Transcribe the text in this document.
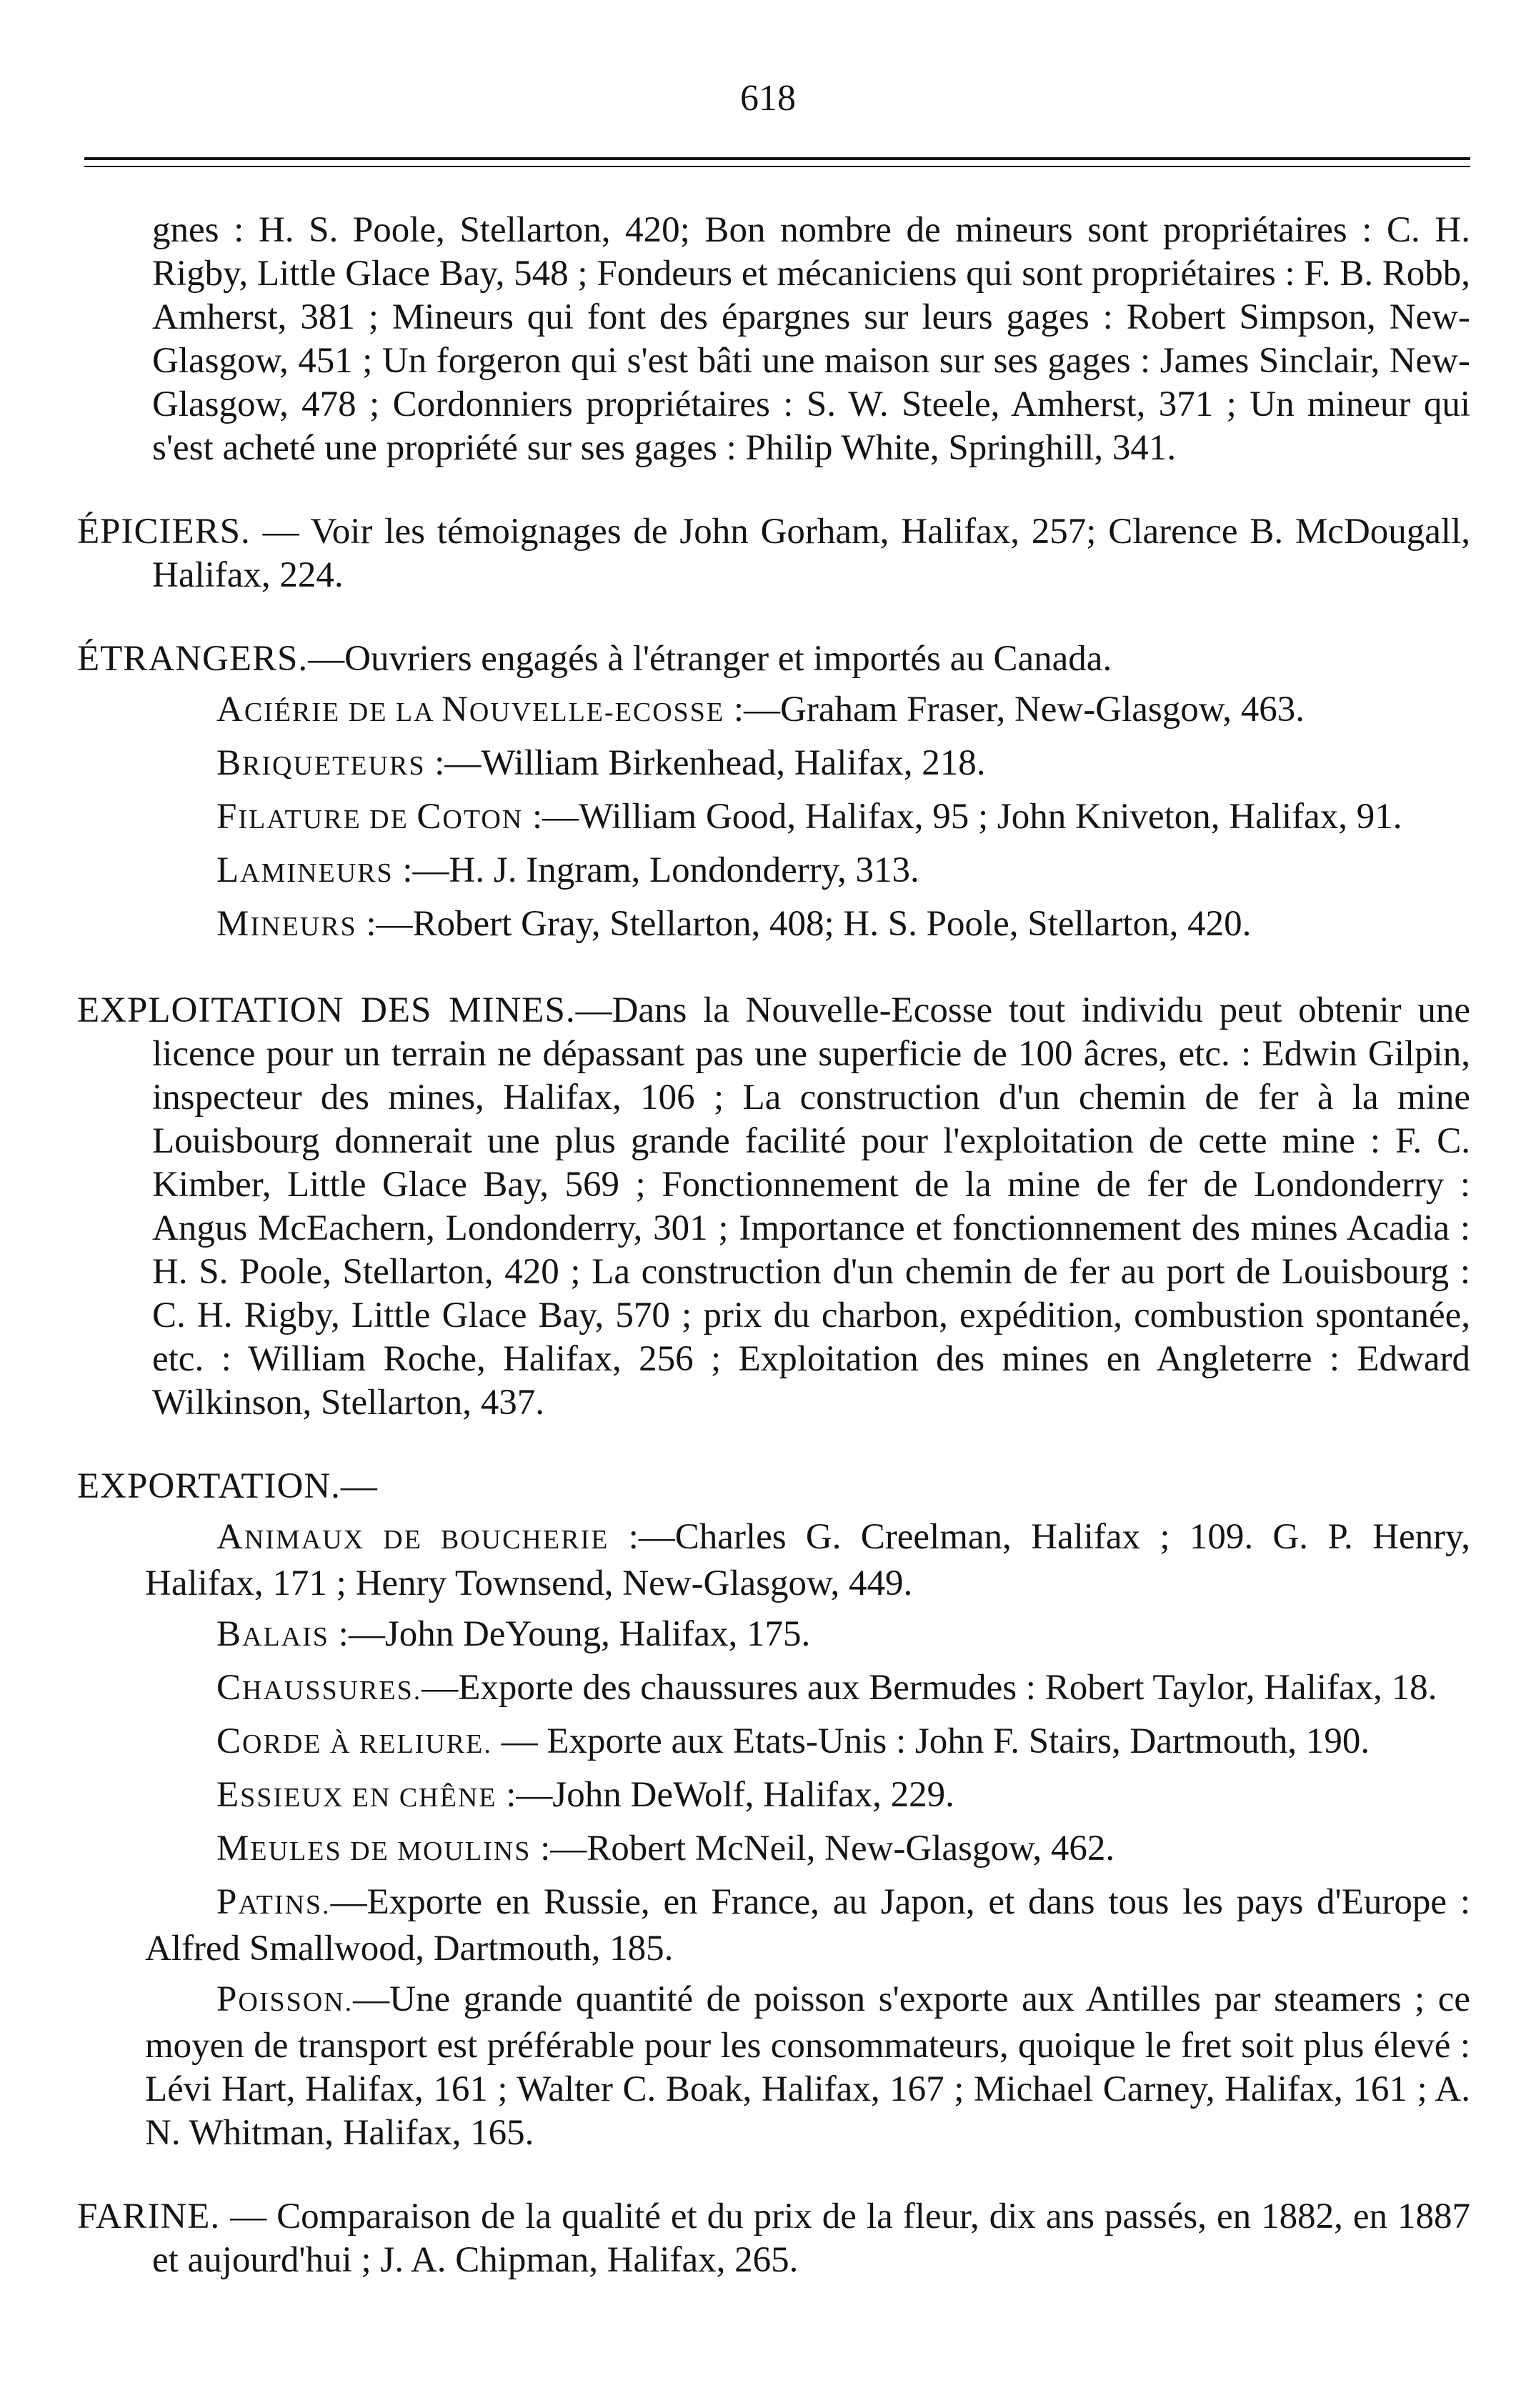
618

gnes : H. S. Poole, Stellarton, 420; Bon nombre de mineurs sont propriétaires : C. H. Rigby, Little Glace Bay, 548 ; Fondeurs et mécaniciens qui sont propriétaires : F. B. Robb, Amherst, 381 ; Mineurs qui font des épargnes sur leurs gages : Robert Simpson, New-Glasgow, 451 ; Un forgeron qui s'est bâti une maison sur ses gages : James Sinclair, New-Glasgow, 478 ; Cordonniers propriétaires : S. W. Steele, Amherst, 371 ; Un mineur qui s'est acheté une propriété sur ses gages : Philip White, Springhill, 341.

ÉPICIERS. — Voir les témoignages de John Gorham, Halifax, 257; Clarence B. McDougall, Halifax, 224.

ÉTRANGERS.—Ouvriers engagés à l'étranger et importés au Canada.

ACIÉRIE DE LA NOUVELLE-ECOSSE :—Graham Fraser, New-Glasgow, 463.

BRIQUETEURS :—William Birkenhead, Halifax, 218.

FILATURE DE COTON :—William Good, Halifax, 95 ; John Kniveton, Halifax, 91.

LAMINEURS :—H. J. Ingram, Londonderry, 313.

MINEURS :—Robert Gray, Stellarton, 408; H. S. Poole, Stellarton, 420.

EXPLOITATION DES MINES.—Dans la Nouvelle-Ecosse tout individu peut obtenir une licence pour un terrain ne dépassant pas une superficie de 100 âcres, etc. : Edwin Gilpin, inspecteur des mines, Halifax, 106 ; La construction d'un chemin de fer à la mine Louisbourg donnerait une plus grande facilité pour l'exploitation de cette mine : F. C. Kimber, Little Glace Bay, 569 ; Fonctionnement de la mine de fer de Londonderry : Angus McEachern, Londonderry, 301 ; Importance et fonctionnement des mines Acadia : H. S. Poole, Stellarton, 420 ; La construction d'un chemin de fer au port de Louisbourg : C. H. Rigby, Little Glace Bay, 570 ; prix du charbon, expédition, combustion spontanée, etc. : William Roche, Halifax, 256 ; Exploitation des mines en Angleterre : Edward Wilkinson, Stellarton, 437.

EXPORTATION.—

ANIMAUX DE BOUCHERIE :—Charles G. Creelman, Halifax ; 109. G. P. Henry, Halifax, 171 ; Henry Townsend, New-Glasgow, 449.

BALAIS :—John DeYoung, Halifax, 175.

CHAUSSURES.—Exporte des chaussures aux Bermudes : Robert Taylor, Halifax, 18.

CORDE À RELIURE. — Exporte aux Etats-Unis : John F. Stairs, Dartmouth, 190.

ESSIEUX EN CHÊNE :—John DeWolf, Halifax, 229.

MEULES DE MOULINS :—Robert McNeil, New-Glasgow, 462.

PATINS.—Exporte en Russie, en France, au Japon, et dans tous les pays d'Europe : Alfred Smallwood, Dartmouth, 185.

POISSON.—Une grande quantité de poisson s'exporte aux Antilles par steamers ; ce moyen de transport est préférable pour les consommateurs, quoique le fret soit plus élevé : Lévi Hart, Halifax, 161 ; Walter C. Boak, Halifax, 167 ; Michael Carney, Halifax, 161 ; A. N. Whitman, Halifax, 165.

FARINE. — Comparaison de la qualité et du prix de la fleur, dix ans passés, en 1882, en 1887 et aujourd'hui ; J. A. Chipman, Halifax, 265.
